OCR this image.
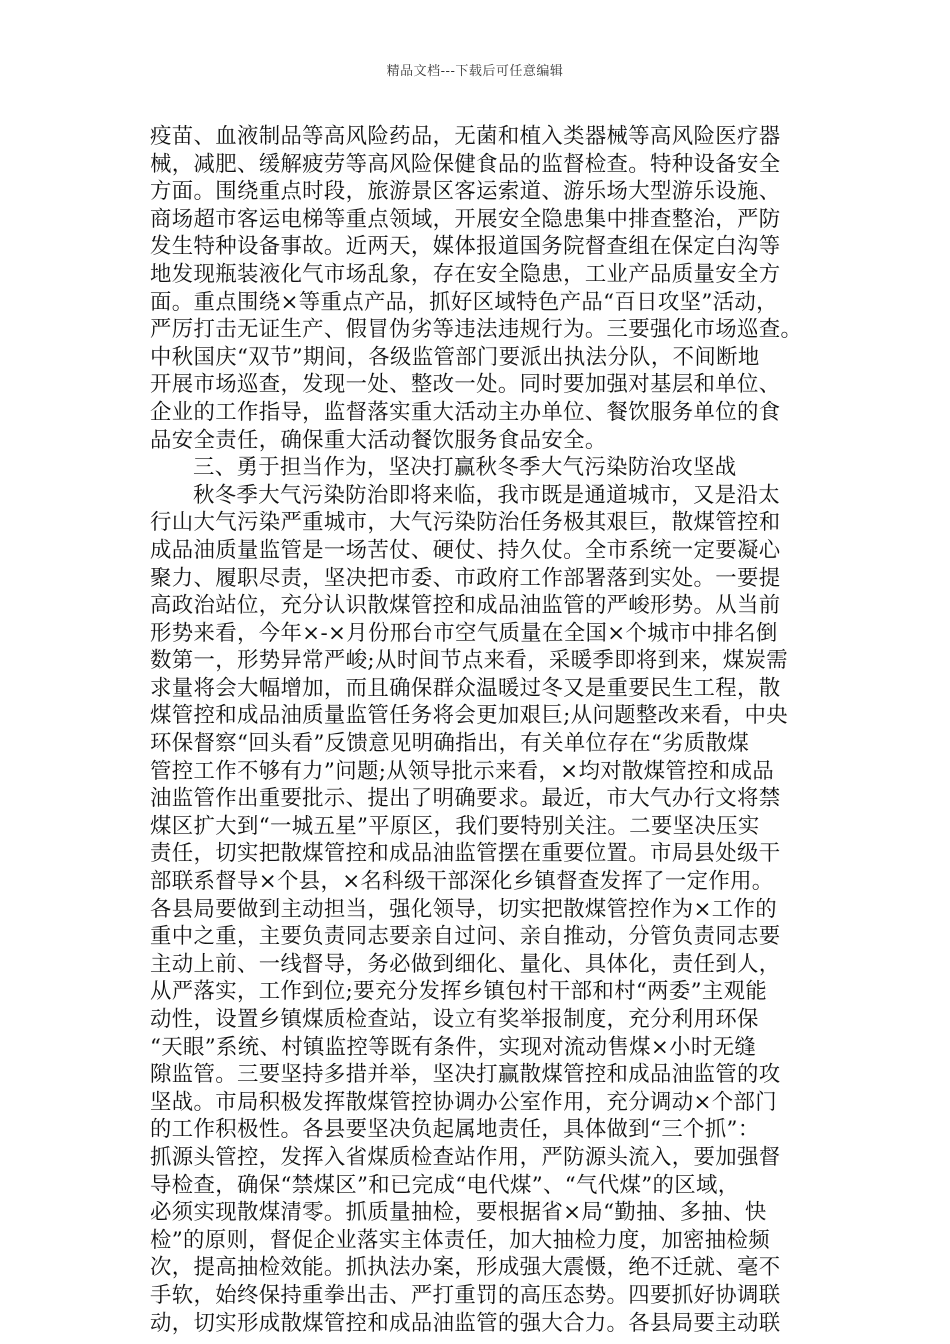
精品文档---下载后可任意编辑
疫苗、血液制品等高风险药品，无菌和植入类器械等高风险医疗器
械，减肥、缓解疲劳等高风险保健食品的监督检查。特种设备安全
方面。围绕重点时段，旅游景区客运索道、游乐场大型游乐设施、
商场超市客运电梯等重点领域，开展安全隐患集中排查整治，严防
发生特种设备事故。近两天，媒体报道国务院督查组在保定白沟等
地发现瓶装液化气市场乱象，存在安全隐患，工业产品质量安全方
面。重点围绕×等重点产品，抓好区域特色产品“百日攻坚”活动，
严厉打击无证生产、假冒伪劣等违法违规行为。三要强化市场巡查。
中秋国庆“双节”期间，各级监管部门要派出执法分队，不间断地
开展市场巡查，发现一处、整改一处。同时要加强对基层和单位、
企业的工作指导，监督落实重大活动主办单位、餐饮服务单位的食
品安全责任，确保重大活动餐饮服务食品安全。
三、勇于担当作为，坚决打赢秋冬季大气污染防治攻坚战
秋冬季大气污染防治即将来临，我市既是通道城市，又是沿太
行山大气污染严重城市，大气污染防治任务极其艰巨，散煤管控和
成品油质量监管是一场苦仗、硬仗、持久仗。全市系统一定要凝心
聚力、履职尽责，坚决把市委、市政府工作部署落到实处。一要提
高政治站位，充分认识散煤管控和成品油监管的严峻形势。从当前
形势来看，今年×-×月份邢台市空气质量在全国×个城市中排名倒
数第一，形势异常严峻;从时间节点来看，采暖季即将到来，煤炭需
求量将会大幅增加，而且确保群众温暖过冬又是重要民生工程，散
煤管控和成品油质量监管任务将会更加艰巨;从问题整改来看，中央
环保督察“回头看”反馈意见明确指出，有关单位存在“劣质散煤
管控工作不够有力”问题;从领导批示来看，×均对散煤管控和成品
油监管作出重要批示、提出了明确要求。最近，市大气办行文将禁
煤区扩大到“一城五星”平原区，我们要特别关注。二要坚决压实
责任，切实把散煤管控和成品油监管摆在重要位置。市局县处级干
部联系督导×个县，×名科级干部深化乡镇督查发挥了一定作用。
各县局要做到主动担当，强化领导，切实把散煤管控作为×工作的
重中之重，主要负责同志要亲自过问、亲自推动，分管负责同志要
主动上前、一线督导，务必做到细化、量化、具体化，责任到人，
从严落实，工作到位;要充分发挥乡镇包村干部和村“两委”主观能
动性，设置乡镇煤质检查站，设立有奖举报制度，充分利用环保
“天眼”系统、村镇监控等既有条件，实现对流动售煤×小时无缝
隙监管。三要坚持多措并举，坚决打赢散煤管控和成品油监管的攻
坚战。市局积极发挥散煤管控协调办公室作用，充分调动×个部门
的工作积极性。各县要坚决负起属地责任，具体做到“三个抓”：
抓源头管控，发挥入省煤质检查站作用，严防源头流入，要加强督
导检查，确保“禁煤区”和已完成“电代煤”、“气代煤”的区域，
必须实现散煤清零。抓质量抽检，要根据省×局“勤抽、多抽、快
检”的原则，督促企业落实主体责任，加大抽检力度，加密抽检频
次，提高抽检效能。抓执法办案，形成强大震慑，绝不迁就、毫不
手软，始终保持重拳出击、严打重罚的高压态势。四要抓好协调联
动，切实形成散煤管控和成品油监管的强大合力。各县局要主动联
